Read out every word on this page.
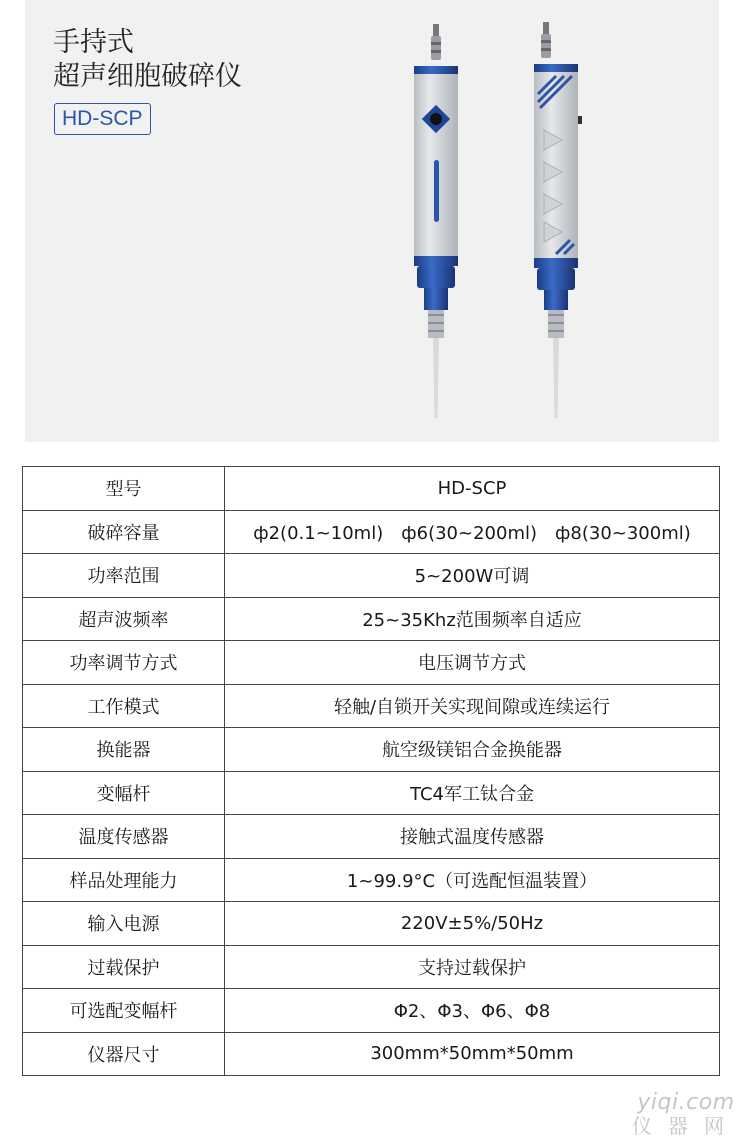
手持式
超声细胞破碎仪
HD-SCP
型号	HD-SCP
破碎容量	ф2(0.1~10ml)　ф6(30~200ml)　ф8(30~300ml)
功率范围	5~200W可调
超声波频率	25~35Khz范围频率自适应
功率调节方式	电压调节方式
工作模式	轻触/自锁开关实现间隙或连续运行
换能器	航空级镁铝合金换能器
变幅杆	TC4军工钛合金
温度传感器	接触式温度传感器
样品处理能力	1~99.9°C（可选配恒温装置）
输入电源	220V±5%/50Hz
过载保护	支持过载保护
可选配变幅杆	Φ2、Φ3、Φ6、Φ8
仪器尺寸	300mm*50mm*50mm
yiqi.com
仪器网
